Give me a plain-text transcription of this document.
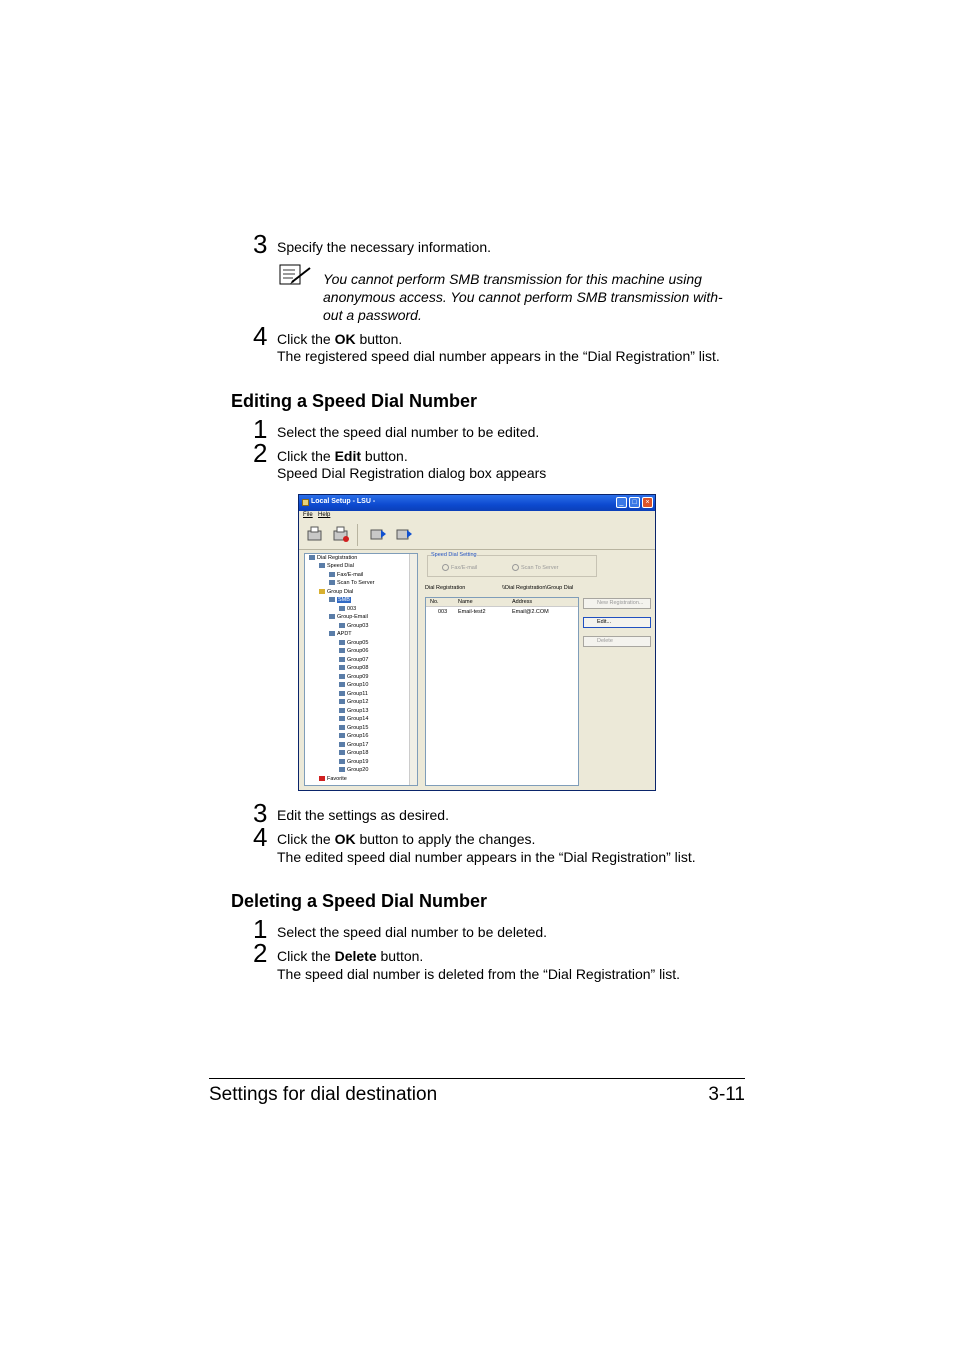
3 Specify the necessary information.
You cannot perform SMB transmission for this machine using
anonymous access. You cannot perform SMB transmission with-
out a password.
4 Click the OK button.
The registered speed dial number appears in the “Dial Registration” list.
Editing a Speed Dial Number
1 Select the speed dial number to be edited.
2 Click the Edit button.
Speed Dial Registration dialog box appears
Local Setup - LSU -	_	□	×
File Help
Dial Registration
Speed Dial
Fax/E-mail
Scan To Server
Group Dial
SMB
003
Group-Email
Group03
APDT
Group05
Group06
Group07
Group08
Group09
Group10
Group11
Group12
Group13
Group14
Group15
Group16
Group17
Group18
Group19
Group20
Favorite
Speed Dial Setting
Fax/E-mail	Scan To Server
Dial Registration	\\Dial Registration\Group Dial
No.	Name	Address
003 Email-test2	Email@2.COM
New Registration...
Edit...
Delete
3 Edit the settings as desired.
4 Click the OK button to apply the changes.
The edited speed dial number appears in the “Dial Registration” list.
Deleting a Speed Dial Number
1 Select the speed dial number to be deleted.
2 Click the Delete button.
The speed dial number is deleted from the “Dial Registration” list.
Settings for dial destination	3-11
